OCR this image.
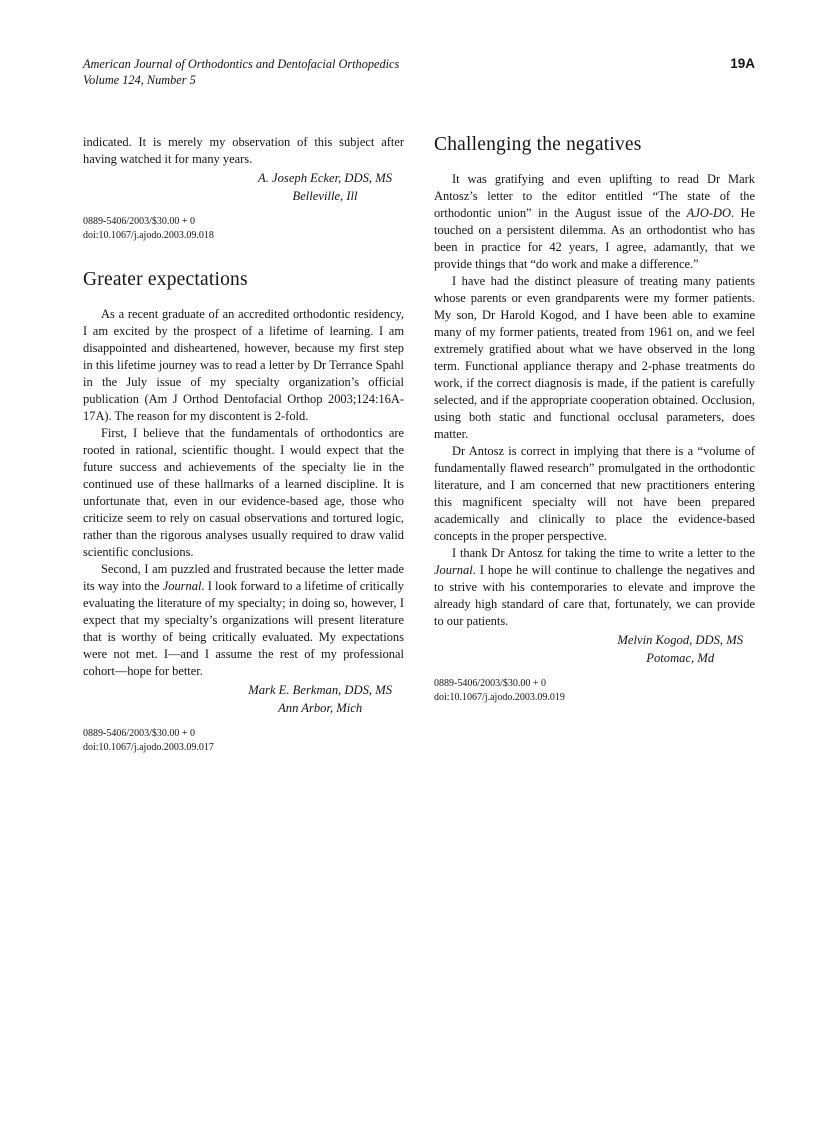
American Journal of Orthodontics and Dentofacial Orthopedics
Volume 124, Number 5
19A

indicated. It is merely my observation of this subject after having watched it for many years.

A. Joseph Ecker, DDS, MS
Belleville, Ill
0889-5406/2003/$30.00 + 0
doi:10.1067/j.ajodo.2003.09.018
Greater expectations

As a recent graduate of an accredited orthodontic residency, I am excited by the prospect of a lifetime of learning. I am disappointed and disheartened, however, because my first step in this lifetime journey was to read a letter by Dr Terrance Spahl in the July issue of my specialty organization’s official publication (Am J Orthod Dentofacial Orthop 2003;124:16A-17A). The reason for my discontent is 2-fold.

First, I believe that the fundamentals of orthodontics are rooted in rational, scientific thought. I would expect that the future success and achievements of the specialty lie in the continued use of these hallmarks of a learned discipline. It is unfortunate that, even in our evidence-based age, those who criticize seem to rely on casual observations and tortured logic, rather than the rigorous analyses usually required to draw valid scientific conclusions.

Second, I am puzzled and frustrated because the letter made its way into the Journal. I look forward to a lifetime of critically evaluating the literature of my specialty; in doing so, however, I expect that my specialty’s organizations will present literature that is worthy of being critically evaluated. My expectations were not met. I—and I assume the rest of my professional cohort—hope for better.

Mark E. Berkman, DDS, MS
Ann Arbor, Mich
0889-5406/2003/$30.00 + 0
doi:10.1067/j.ajodo.2003.09.017
Challenging the negatives

It was gratifying and even uplifting to read Dr Mark Antosz’s letter to the editor entitled “The state of the orthodontic union” in the August issue of the AJO-DO. He touched on a persistent dilemma. As an orthodontist who has been in practice for 42 years, I agree, adamantly, that we provide things that “do work and make a difference.”

I have had the distinct pleasure of treating many patients whose parents or even grandparents were my former patients. My son, Dr Harold Kogod, and I have been able to examine many of my former patients, treated from 1961 on, and we feel extremely gratified about what we have observed in the long term. Functional appliance therapy and 2-phase treatments do work, if the correct diagnosis is made, if the patient is carefully selected, and if the appropriate cooperation obtained. Occlusion, using both static and functional occlusal parameters, does matter.

Dr Antosz is correct in implying that there is a “volume of fundamentally flawed research” promulgated in the orthodontic literature, and I am concerned that new practitioners entering this magnificent specialty will not have been prepared academically and clinically to place the evidence-based concepts in the proper perspective.

I thank Dr Antosz for taking the time to write a letter to the Journal. I hope he will continue to challenge the negatives and to strive with his contemporaries to elevate and improve the already high standard of care that, fortunately, we can provide to our patients.

Melvin Kogod, DDS, MS
Potomac, Md
0889-5406/2003/$30.00 + 0
doi:10.1067/j.ajodo.2003.09.019
